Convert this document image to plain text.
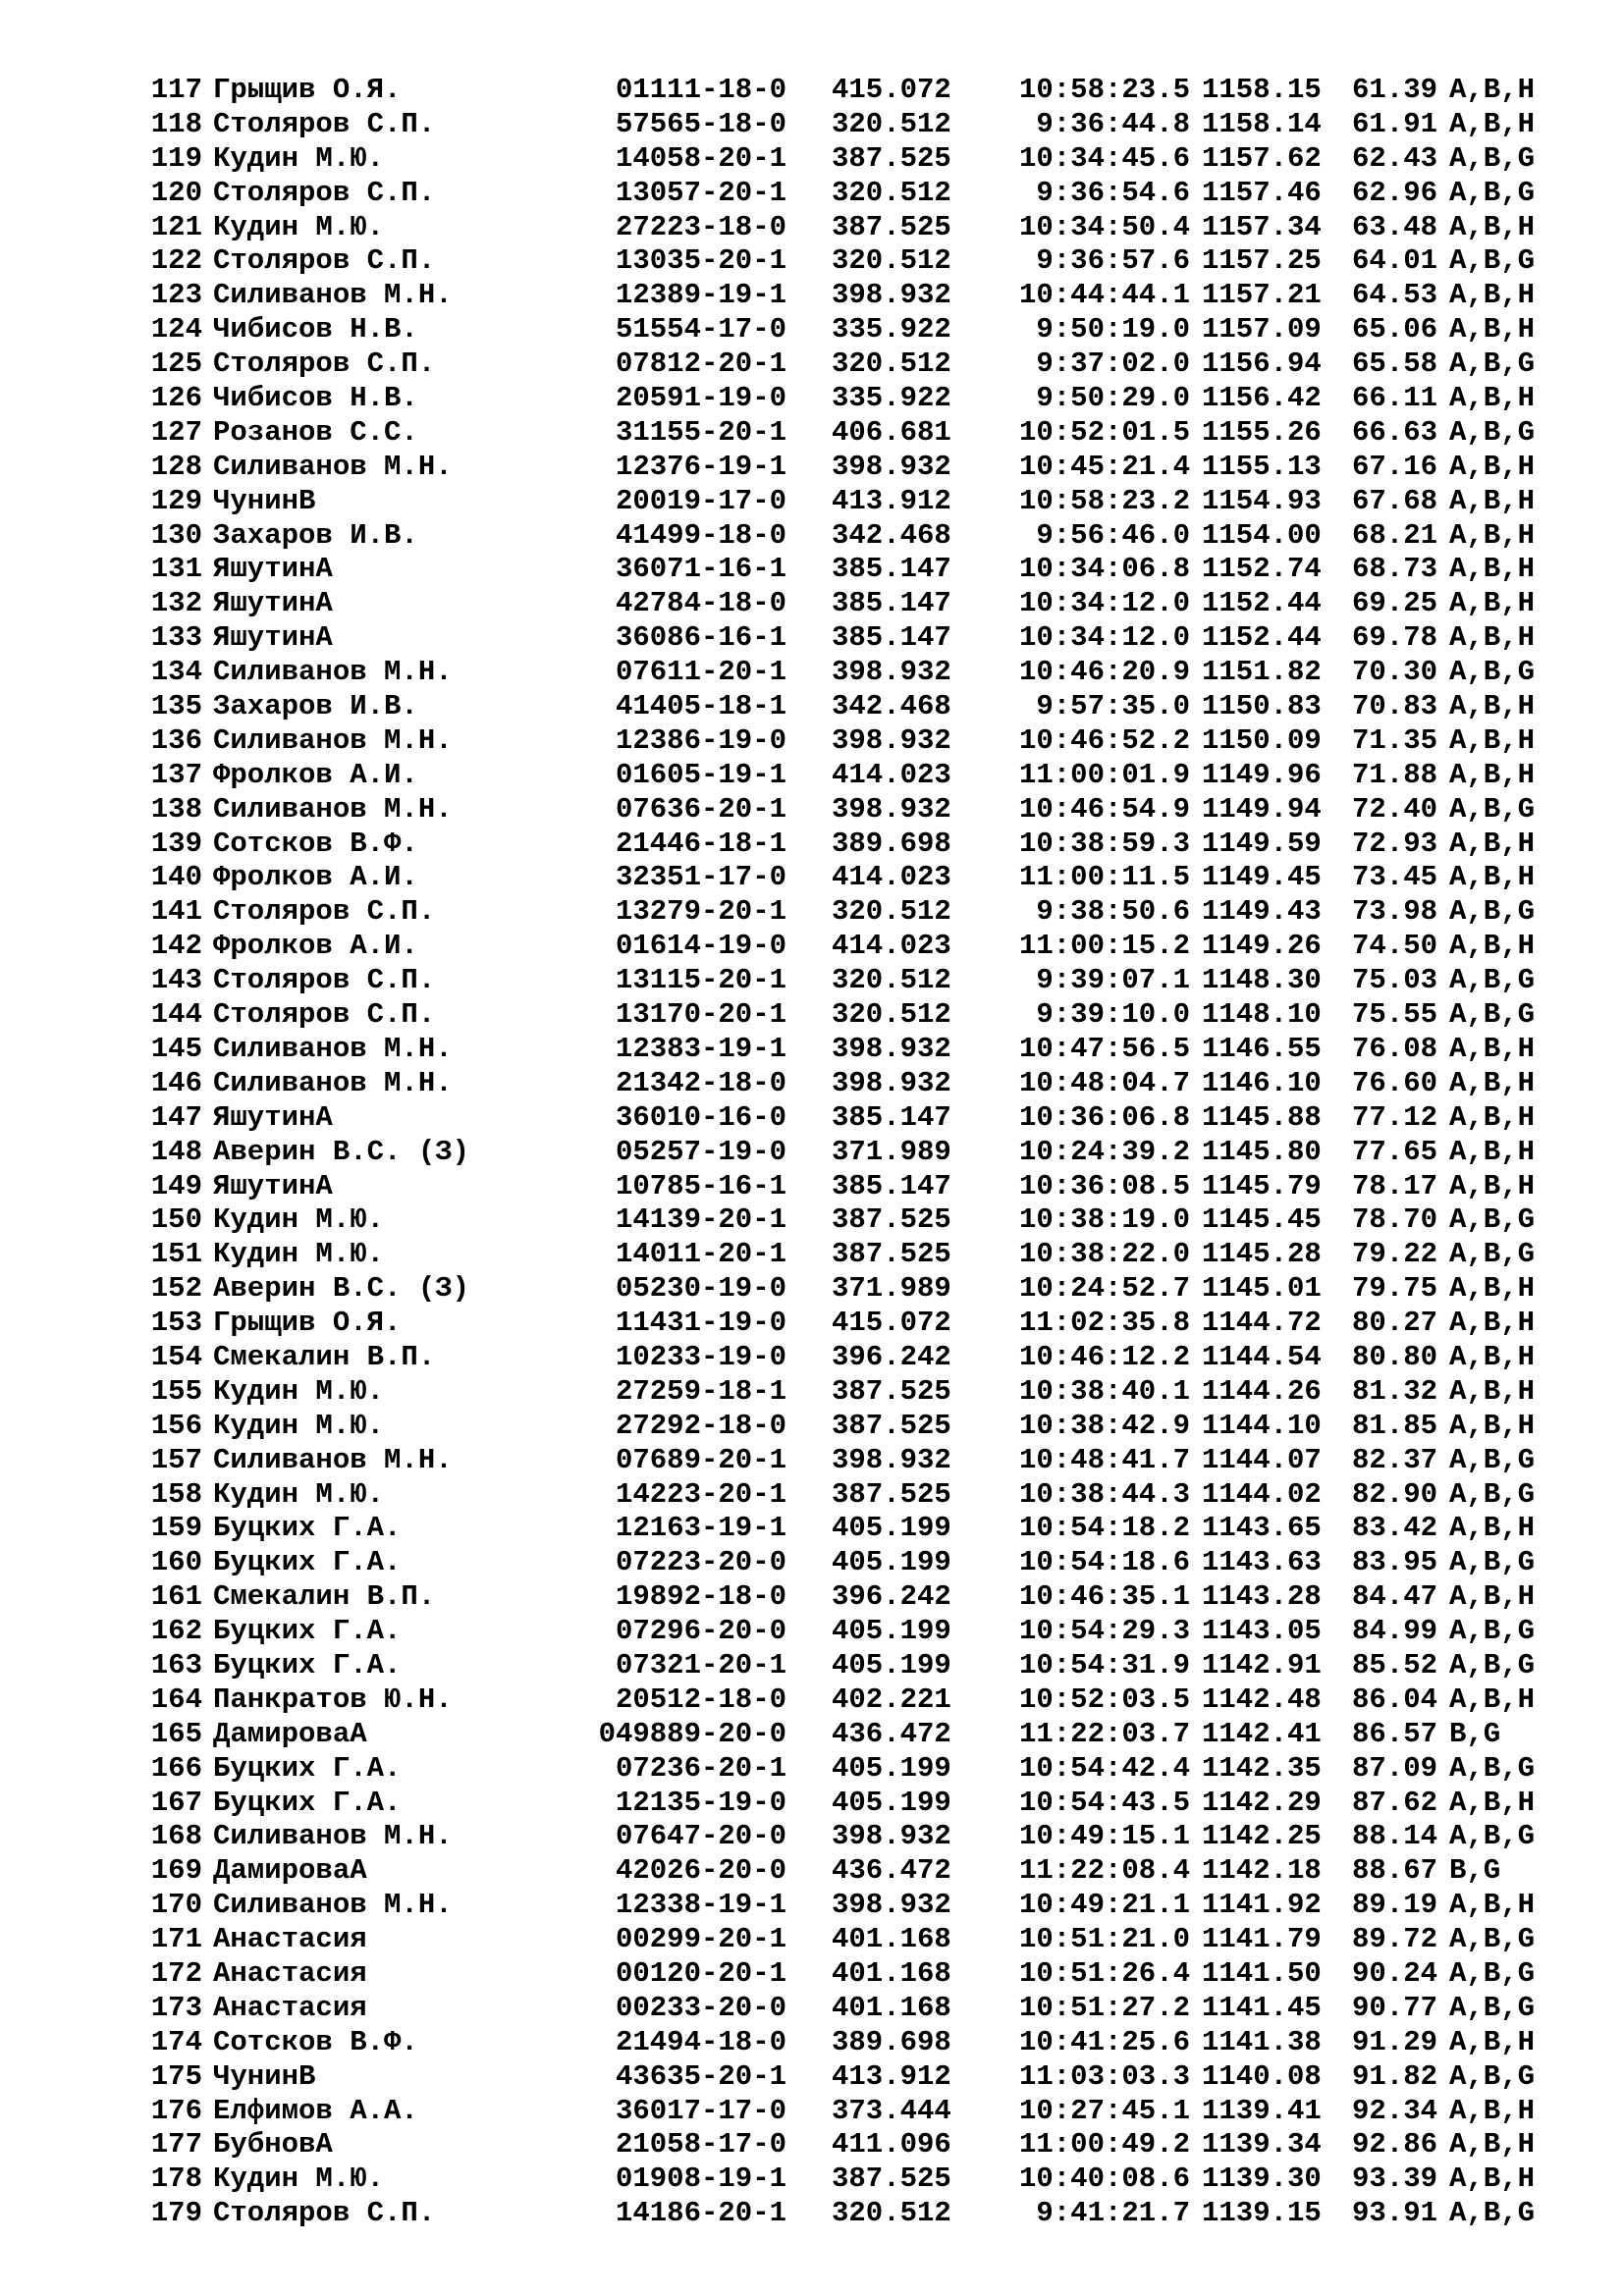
117 Грыщив О.Я.	01111-18-0 415.072	10:58:23.5 1158.15	61.39 A,B,H
118 Столяров С.П.	57565-18-0 320.512	9:36:44.8 1158.14	61.91 A,B,H
119 Кудин М.Ю.	14058-20-1 387.525	10:34:45.6 1157.62	62.43 A,B,G
120 Столяров С.П.	13057-20-1 320.512	9:36:54.6 1157.46	62.96 A,B,G
121 Кудин М.Ю.	27223-18-0 387.525	10:34:50.4 1157.34	63.48 A,B,H
122 Столяров С.П.	13035-20-1 320.512	9:36:57.6 1157.25	64.01 A,B,G
123 Силиванов М.Н.	12389-19-1 398.932	10:44:44.1 1157.21	64.53 A,B,H
124 Чибисов Н.В.	51554-17-0 335.922	9:50:19.0 1157.09	65.06 A,B,H
125 Столяров С.П.	07812-20-1 320.512	9:37:02.0 1156.94	65.58 A,B,G
126 Чибисов Н.В.	20591-19-0 335.922	9:50:29.0 1156.42	66.11 A,B,H
127 Розанов С.С.	31155-20-1 406.681	10:52:01.5 1155.26	66.63 A,B,G
128 Силиванов М.Н.	12376-19-1 398.932	10:45:21.4 1155.13	67.16 A,B,H
129 ЧунинВ	20019-17-0 413.912	10:58:23.2 1154.93	67.68 A,B,H
130 Захаров И.В.	41499-18-0 342.468	9:56:46.0 1154.00	68.21 A,B,H
131 ЯшутинА	36071-16-1 385.147	10:34:06.8 1152.74	68.73 A,B,H
132 ЯшутинА	42784-18-0 385.147	10:34:12.0 1152.44	69.25 A,B,H
133 ЯшутинА	36086-16-1 385.147	10:34:12.0 1152.44	69.78 A,B,H
134 Силиванов М.Н.	07611-20-1 398.932	10:46:20.9 1151.82	70.30 A,B,G
135 Захаров И.В.	41405-18-1 342.468	9:57:35.0 1150.83	70.83 A,B,H
136 Силиванов М.Н.	12386-19-0 398.932	10:46:52.2 1150.09	71.35 A,B,H
137 Фролков А.И.	01605-19-1 414.023	11:00:01.9 1149.96	71.88 A,B,H
138 Силиванов М.Н.	07636-20-1 398.932	10:46:54.9 1149.94	72.40 A,B,G
139 Сотсков В.Ф.	21446-18-1 389.698	10:38:59.3 1149.59	72.93 A,B,H
140 Фролков А.И.	32351-17-0 414.023	11:00:11.5 1149.45	73.45 A,B,H
141 Столяров С.П.	13279-20-1 320.512	9:38:50.6 1149.43	73.98 A,B,G
142 Фролков А.И.	01614-19-0 414.023	11:00:15.2 1149.26	74.50 A,B,H
143 Столяров С.П.	13115-20-1 320.512	9:39:07.1 1148.30	75.03 A,B,G
144 Столяров С.П.	13170-20-1 320.512	9:39:10.0 1148.10	75.55 A,B,G
145 Силиванов М.Н.	12383-19-1 398.932	10:47:56.5 1146.55	76.08 A,B,H
146 Силиванов М.Н.	21342-18-0 398.932	10:48:04.7 1146.10	76.60 A,B,H
147 ЯшутинА	36010-16-0 385.147	10:36:06.8 1145.88	77.12 A,B,H
148 Аверин В.С. (З)	05257-19-0 371.989	10:24:39.2 1145.80	77.65 A,B,H
149 ЯшутинА	10785-16-1 385.147	10:36:08.5 1145.79	78.17 A,B,H
150 Кудин М.Ю.	14139-20-1 387.525	10:38:19.0 1145.45	78.70 A,B,G
151 Кудин М.Ю.	14011-20-1 387.525	10:38:22.0 1145.28	79.22 A,B,G
152 Аверин В.С. (З)	05230-19-0 371.989	10:24:52.7 1145.01	79.75 A,B,H
153 Грыщив О.Я.	11431-19-0 415.072	11:02:35.8 1144.72	80.27 A,B,H
154 Смекалин В.П.	10233-19-0 396.242	10:46:12.2 1144.54	80.80 A,B,H
155 Кудин М.Ю.	27259-18-1 387.525	10:38:40.1 1144.26	81.32 A,B,H
156 Кудин М.Ю.	27292-18-0 387.525	10:38:42.9 1144.10	81.85 A,B,H
157 Силиванов М.Н.	07689-20-1 398.932	10:48:41.7 1144.07	82.37 A,B,G
158 Кудин М.Ю.	14223-20-1 387.525	10:38:44.3 1144.02	82.90 A,B,G
159 Буцких Г.А.	12163-19-1 405.199	10:54:18.2 1143.65	83.42 A,B,H
160 Буцких Г.А.	07223-20-0 405.199	10:54:18.6 1143.63	83.95 A,B,G
161 Смекалин В.П.	19892-18-0 396.242	10:46:35.1 1143.28	84.47 A,B,H
162 Буцких Г.А.	07296-20-0 405.199	10:54:29.3 1143.05	84.99 A,B,G
163 Буцких Г.А.	07321-20-1 405.199	10:54:31.9 1142.91	85.52 A,B,G
164 Панкратов Ю.Н.	20512-18-0 402.221	10:52:03.5 1142.48	86.04 A,B,H
165 ДамироваА	049889-20-0 436.472	11:22:03.7 1142.41	86.57 B,G
166 Буцких Г.А.	07236-20-1 405.199	10:54:42.4 1142.35	87.09 A,B,G
167 Буцких Г.А.	12135-19-0 405.199	10:54:43.5 1142.29	87.62 A,B,H
168 Силиванов М.Н.	07647-20-0 398.932	10:49:15.1 1142.25	88.14 A,B,G
169 ДамироваА	42026-20-0 436.472	11:22:08.4 1142.18	88.67 B,G
170 Силиванов М.Н.	12338-19-1 398.932	10:49:21.1 1141.92	89.19 A,B,H
171 Анастасия	00299-20-1 401.168	10:51:21.0 1141.79	89.72 A,B,G
172 Анастасия	00120-20-1 401.168	10:51:26.4 1141.50	90.24 A,B,G
173 Анастасия	00233-20-0 401.168	10:51:27.2 1141.45	90.77 A,B,G
174 Сотсков В.Ф.	21494-18-0 389.698	10:41:25.6 1141.38	91.29 A,B,H
175 ЧунинВ	43635-20-1 413.912	11:03:03.3 1140.08	91.82 A,B,G
176 Елфимов А.А.	36017-17-0 373.444	10:27:45.1 1139.41	92.34 A,B,H
177 БубновА	21058-17-0 411.096	11:00:49.2 1139.34	92.86 A,B,H
178 Кудин М.Ю.	01908-19-1 387.525	10:40:08.6 1139.30	93.39 A,B,H
179 Столяров С.П.	14186-20-1 320.512	9:41:21.7 1139.15	93.91 A,B,G
